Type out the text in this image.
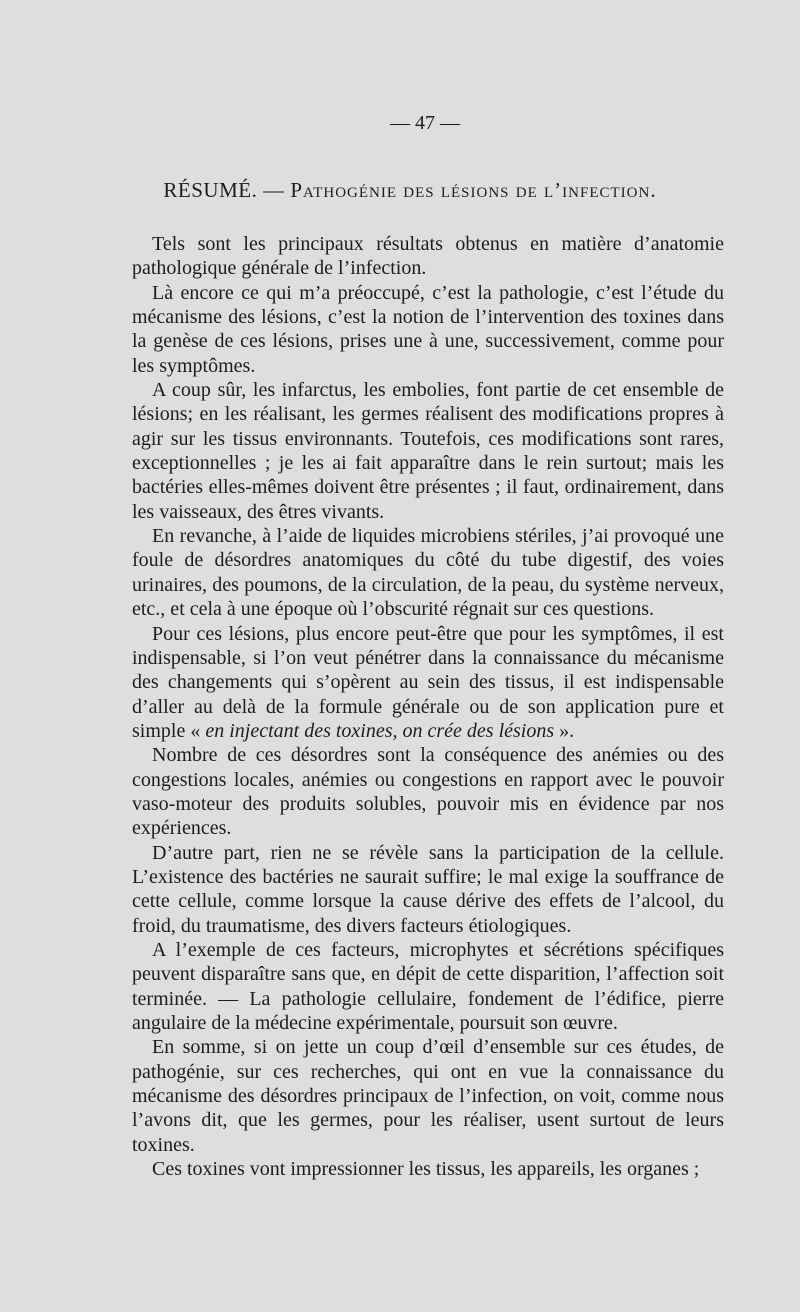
— 47 —
RÉSUMÉ. — Pathogénie des lésions de l’infection.

Tels sont les principaux résultats obtenus en matière d’anatomie pathologique générale de l’infection.

Là encore ce qui m’a préoccupé, c’est la pathologie, c’est l’étude du mécanisme des lésions, c’est la notion de l’intervention des toxines dans la genèse de ces lésions, prises une à une, successivement, comme pour les symptômes.

A coup sûr, les infarctus, les embolies, font partie de cet ensemble de lésions; en les réalisant, les germes réalisent des modifications propres à agir sur les tissus environnants. Toutefois, ces modifications sont rares, exceptionnelles ; je les ai fait apparaître dans le rein surtout; mais les bactéries elles-mêmes doivent être présentes ; il faut, ordinairement, dans les vaisseaux, des êtres vivants.

En revanche, à l’aide de liquides microbiens stériles, j’ai provoqué une foule de désordres anatomiques du côté du tube digestif, des voies urinaires, des poumons, de la circulation, de la peau, du système nerveux, etc., et cela à une époque où l’obscurité régnait sur ces questions.

Pour ces lésions, plus encore peut-être que pour les symptômes, il est indispensable, si l’on veut pénétrer dans la connaissance du mécanisme des changements qui s’opèrent au sein des tissus, il est indispensable d’aller au delà de la formule générale ou de son application pure et simple « en injectant des toxines, on crée des lésions ».

Nombre de ces désordres sont la conséquence des anémies ou des congestions locales, anémies ou congestions en rapport avec le pouvoir vaso-moteur des produits solubles, pouvoir mis en évidence par nos expériences.

D’autre part, rien ne se révèle sans la participation de la cellule. L’existence des bactéries ne saurait suffire; le mal exige la souffrance de cette cellule, comme lorsque la cause dérive des effets de l’alcool, du froid, du traumatisme, des divers facteurs étiologiques.

A l’exemple de ces facteurs, microphytes et sécrétions spécifiques peuvent disparaître sans que, en dépit de cette disparition, l’affection soit terminée. — La pathologie cellulaire, fondement de l’édifice, pierre angulaire de la médecine expérimentale, poursuit son œuvre.

En somme, si on jette un coup d’œil d’ensemble sur ces études, de pathogénie, sur ces recherches, qui ont en vue la connaissance du mécanisme des désordres principaux de l’infection, on voit, comme nous l’avons dit, que les germes, pour les réaliser, usent surtout de leurs toxines.

Ces toxines vont impressionner les tissus, les appareils, les organes ;
